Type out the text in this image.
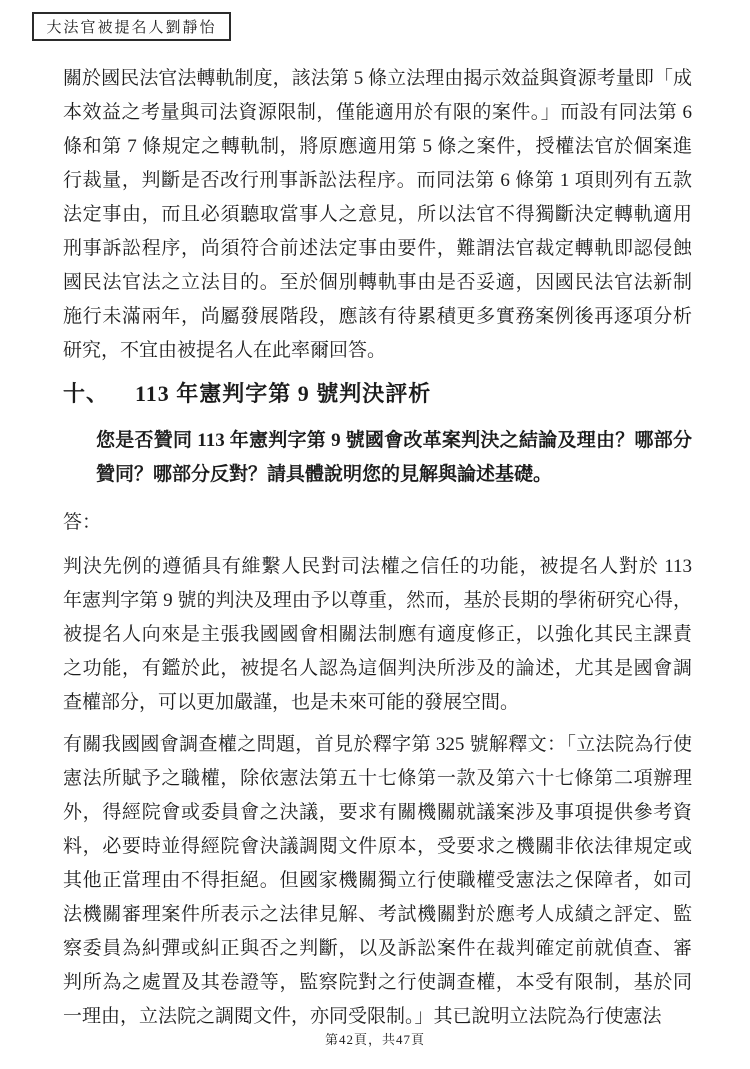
大法官被提名人劉靜怡
關於國民法官法轉軌制度，該法第 5 條立法理由揭示效益與資源考量即「成
本效益之考量與司法資源限制，僅能適用於有限的案件。」而設有同法第 6
條和第 7 條規定之轉軌制，將原應適用第 5 條之案件，授權法官於個案進
行裁量，判斷是否改行刑事訴訟法程序。而同法第 6 條第 1 項則列有五款
法定事由，而且必須聽取當事人之意見，所以法官不得獨斷決定轉軌適用
刑事訴訟程序，尚須符合前述法定事由要件，難謂法官裁定轉軌即認侵蝕
國民法官法之立法目的。至於個別轉軌事由是否妥適，因國民法官法新制
施行未滿兩年，尚屬發展階段，應該有待累積更多實務案例後再逐項分析
研究，不宜由被提名人在此率爾回答。
十、 113 年憲判字第 9 號判決評析
您是否贊同 113 年憲判字第 9 號國會改革案判決之結論及理由？哪部分
贊同？哪部分反對？請具體說明您的見解與論述基礎。
答：
判決先例的遵循具有維繫人民對司法權之信任的功能，被提名人對於 113
年憲判字第 9 號的判決及理由予以尊重，然而，基於長期的學術研究心得，
被提名人向來是主張我國國會相關法制應有適度修正，以強化其民主課責
之功能，有鑑於此，被提名人認為這個判決所涉及的論述，尤其是國會調
查權部分，可以更加嚴謹，也是未來可能的發展空間。
有關我國國會調查權之問題，首見於釋字第 325 號解釋文：「立法院為行使
憲法所賦予之職權，除依憲法第五十七條第一款及第六十七條第二項辦理
外，得經院會或委員會之決議，要求有關機關就議案涉及事項提供參考資
料，必要時並得經院會決議調閱文件原本，受要求之機關非依法律規定或
其他正當理由不得拒絕。但國家機關獨立行使職權受憲法之保障者，如司
法機關審理案件所表示之法律見解、考試機關對於應考人成績之評定、監
察委員為糾彈或糾正與否之判斷，以及訴訟案件在裁判確定前就偵查、審
判所為之處置及其卷證等，監察院對之行使調查權，本受有限制，基於同
一理由，立法院之調閱文件，亦同受限制。」其已說明立法院為行使憲法
第42頁，共47頁
